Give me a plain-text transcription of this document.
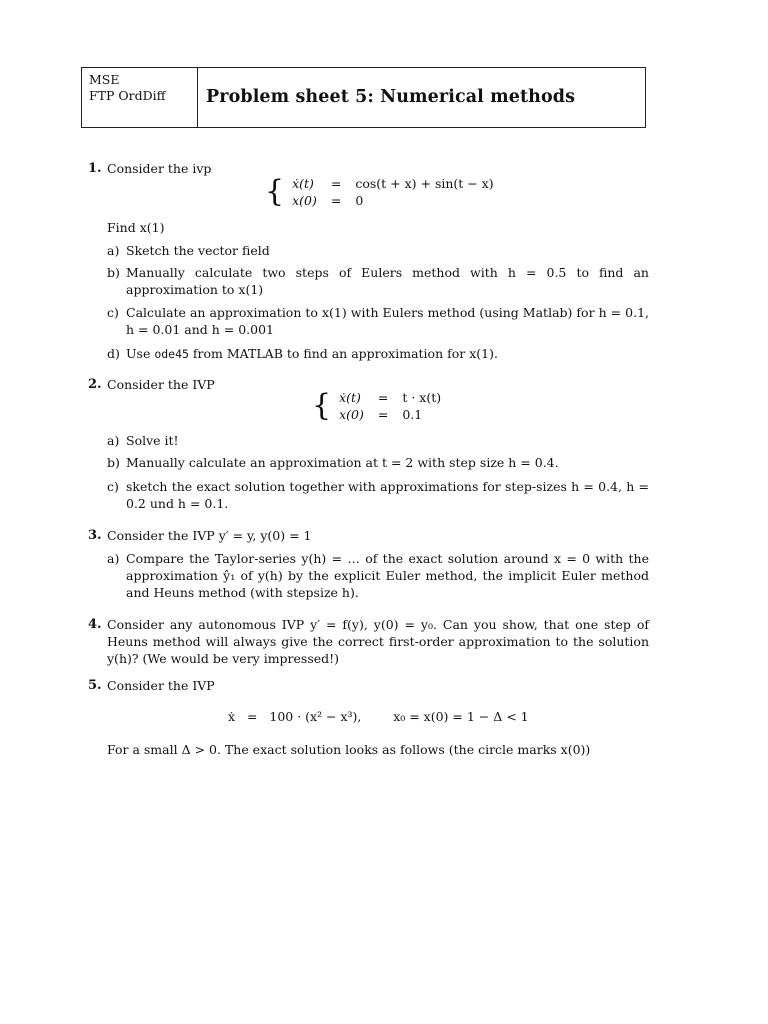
MSE
FTP OrdDiff	Problem sheet 5: Numerical methods
1. Consider the ivp
{ ẋ(t)	=	cos(t + x) + sin(t − x)
x(0)	=	0
Find x(1)
a) Sketch the vector field
b) Manually calculate two steps of Eulers method with h = 0.5 to find an approximation to x(1)
c) Calculate an approximation to x(1) with Eulers method (using Matlab) for h = 0.1, h = 0.01 and h = 0.001
d) Use ode45 from MATLAB to find an approximation for x(1).
2. Consider the IVP
{ ẋ(t)	=	t · x(t)
x(0)	=	0.1
a) Solve it!
b) Manually calculate an approximation at t = 2 with step size h = 0.4.
c) sketch the exact solution together with approximations for step-sizes h = 0.4, h = 0.2 und h = 0.1.
3. Consider the IVP y′ = y, y(0) = 1
a) Compare the Taylor-series y(h) = … of the exact solution around x = 0 with the approximation ŷ₁ of y(h) by the explicit Euler method, the implicit Euler method and Heuns method (with stepsize h).
4. Consider any autonomous IVP y′ = f(y), y(0) = y₀. Can you show, that one step of Heuns method will always give the correct first-order approximation to the solution y(h)? (We would be very impressed!)
5. Consider the IVP
ẋ   =   100 · (x² − x³),        x₀ = x(0) = 1 − Δ < 1
For a small Δ > 0. The exact solution looks as follows (the circle marks x(0))
